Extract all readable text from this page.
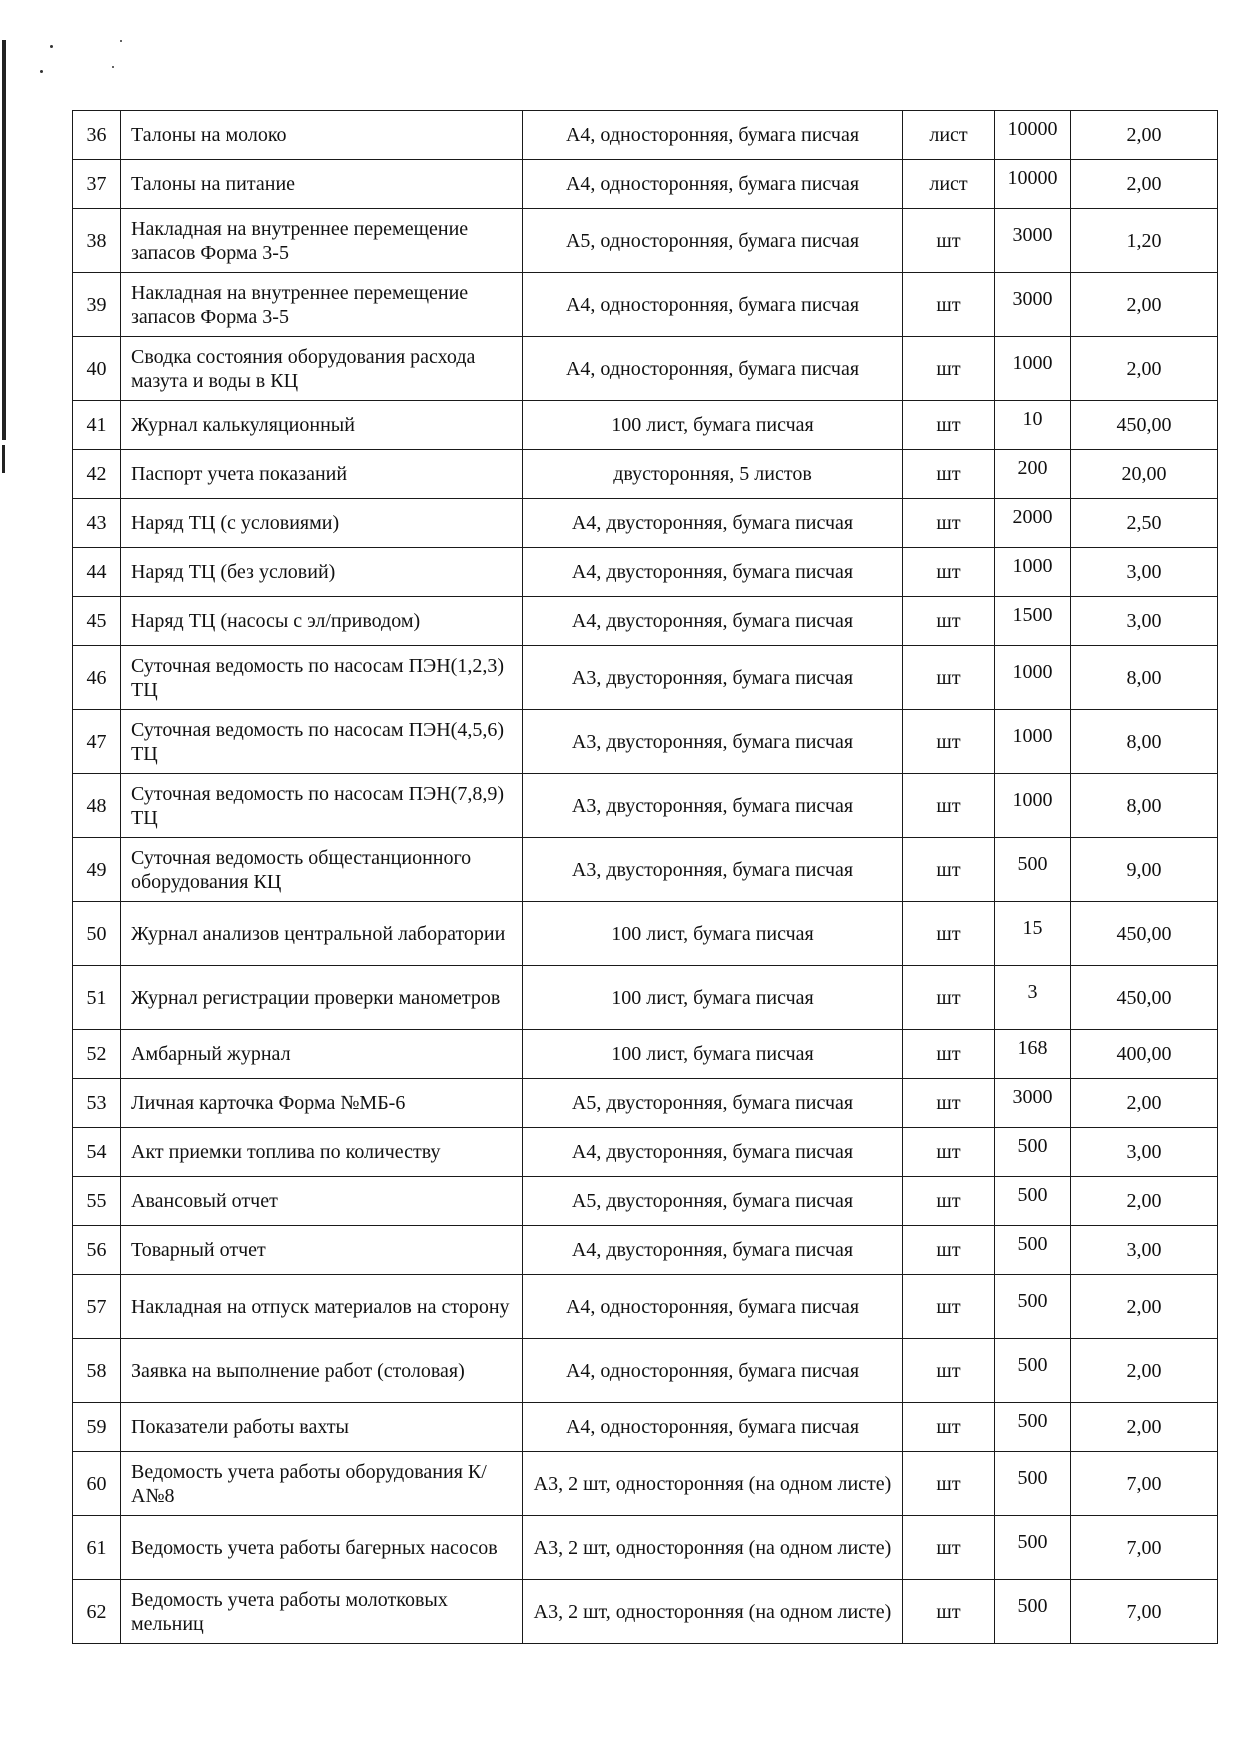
36	Талоны на молоко	А4, односторонняя, бумага писчая	лист	10000	2,00
37	Талоны на питание	А4, односторонняя, бумага писчая	лист	10000	2,00
38	Накладная на внутреннее перемещение запасов Форма 3-5	А5, односторонняя, бумага писчая	шт	3000	1,20
39	Накладная на внутреннее перемещение запасов Форма 3-5	А4, односторонняя, бумага писчая	шт	3000	2,00
40	Сводка состояния оборудования расхода мазута и воды в КЦ	А4, односторонняя, бумага писчая	шт	1000	2,00
41	Журнал калькуляционный	100 лист, бумага писчая	шт	10	450,00
42	Паспорт учета показаний	двусторонняя, 5 листов	шт	200	20,00
43	Наряд ТЦ (с условиями)	А4, двусторонняя, бумага писчая	шт	2000	2,50
44	Наряд ТЦ (без условий)	А4, двусторонняя, бумага писчая	шт	1000	3,00
45	Наряд ТЦ (насосы с эл/приводом)	А4, двусторонняя, бумага писчая	шт	1500	3,00
46	Суточная ведомость по насосам ПЭН(1,2,3) ТЦ	А3, двусторонняя, бумага писчая	шт	1000	8,00
47	Суточная ведомость по насосам ПЭН(4,5,6) ТЦ	А3, двусторонняя, бумага писчая	шт	1000	8,00
48	Суточная ведомость по насосам ПЭН(7,8,9) ТЦ	А3, двусторонняя, бумага писчая	шт	1000	8,00
49	Суточная ведомость общестанционного оборудования КЦ	А3, двусторонняя, бумага писчая	шт	500	9,00
50	Журнал анализов центральной лаборатории	100 лист, бумага писчая	шт	15	450,00
51	Журнал регистрации проверки манометров	100 лист, бумага писчая	шт	3	450,00
52	Амбарный журнал	100 лист, бумага писчая	шт	168	400,00
53	Личная карточка Форма №МБ-6	А5, двусторонняя, бумага писчая	шт	3000	2,00
54	Акт приемки топлива по количеству	А4, двусторонняя, бумага писчая	шт	500	3,00
55	Авансовый отчет	А5, двусторонняя, бумага писчая	шт	500	2,00
56	Товарный отчет	А4, двусторонняя, бумага писчая	шт	500	3,00
57	Накладная на отпуск материалов на сторону	А4, односторонняя, бумага писчая	шт	500	2,00
58	Заявка на выполнение работ (столовая)	А4, односторонняя, бумага писчая	шт	500	2,00
59	Показатели работы вахты	А4, односторонняя, бумага писчая	шт	500	2,00
60	Ведомость учета работы оборудования К/А№8	А3, 2 шт, односторонняя (на одном листе)	шт	500	7,00
61	Ведомость учета работы багерных насосов	А3, 2 шт, односторонняя (на одном листе)	шт	500	7,00
62	Ведомость учета работы молотковых мельниц	А3, 2 шт, односторонняя (на одном листе)	шт	500	7,00
